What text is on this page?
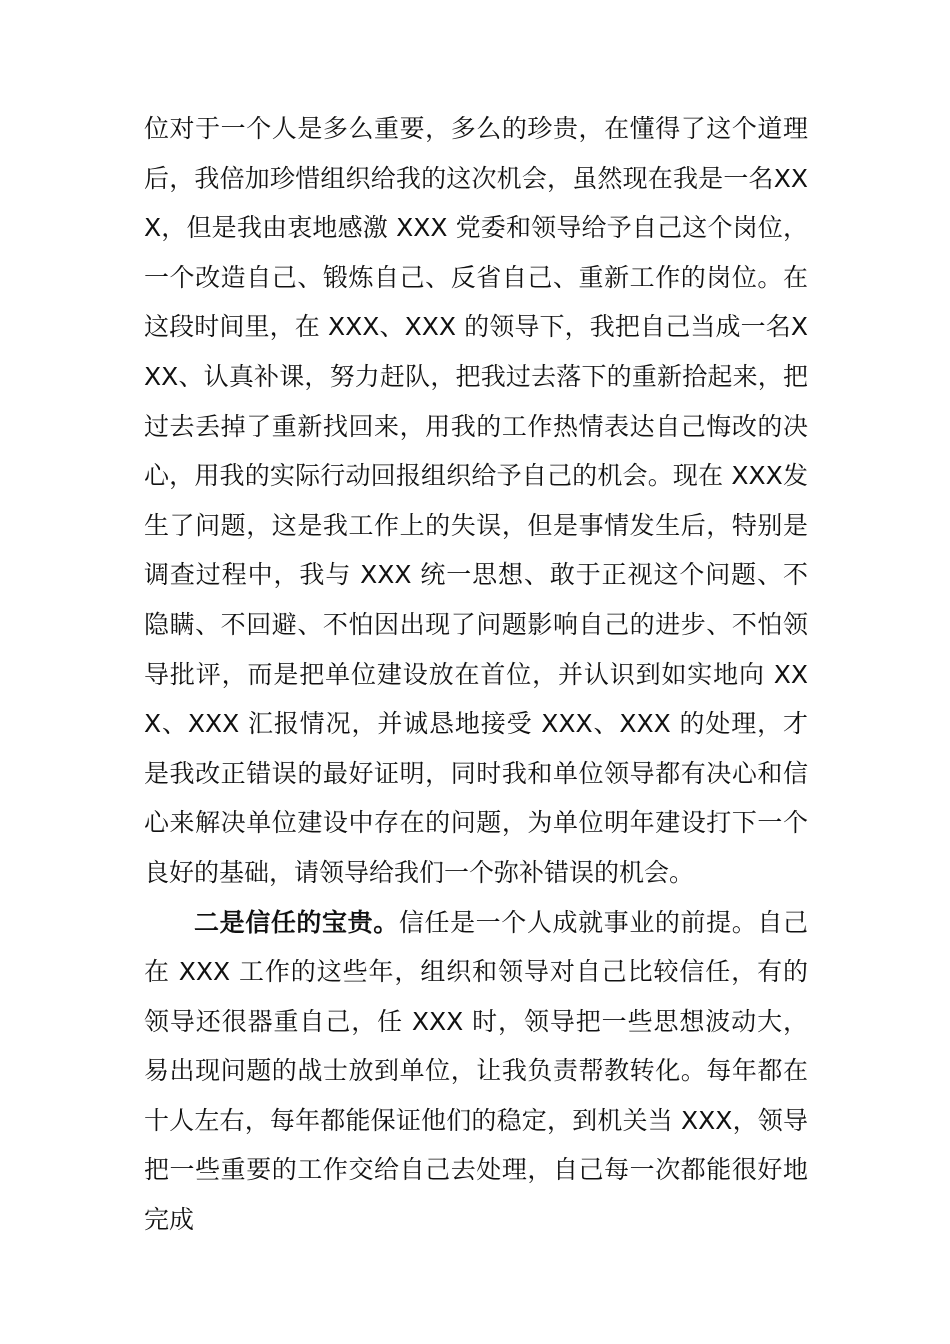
位对于一个人是多么重要，多么的珍贵，在懂得了这个道理后，我倍加珍惜组织给我的这次机会，虽然现在我是一名XXX，但是我由衷地感激 XXX 党委和领导给予自己这个岗位，一个改造自己、锻炼自己、反省自己、重新工作的岗位。在这段时间里，在 XXX、XXX 的领导下，我把自己当成一名XXX、认真补课，努力赶队，把我过去落下的重新拾起来，把过去丢掉了重新找回来，用我的工作热情表达自己悔改的决心，用我的实际行动回报组织给予自己的机会。现在 XXX发生了问题，这是我工作上的失误，但是事情发生后，特别是调查过程中，我与 XXX 统一思想、敢于正视这个问题、不隐瞒、不回避、不怕因出现了问题影响自己的进步、不怕领导批评，而是把单位建设放在首位，并认识到如实地向 XXX、XXX 汇报情况，并诚恳地接受 XXX、XXX 的处理，才是我改正错误的最好证明，同时我和单位领导都有决心和信心来解决单位建设中存在的问题，为单位明年建设打下一个良好的基础，请领导给我们一个弥补错误的机会。

二是信任的宝贵。信任是一个人成就事业的前提。自己在 XXX 工作的这些年，组织和领导对自己比较信任，有的领导还很器重自己，任 XXX 时，领导把一些思想波动大，易出现问题的战士放到单位，让我负责帮教转化。每年都在十人左右，每年都能保证他们的稳定，到机关当 XXX，领导把一些重要的工作交给自己去处理，自己每一次都能很好地完成
